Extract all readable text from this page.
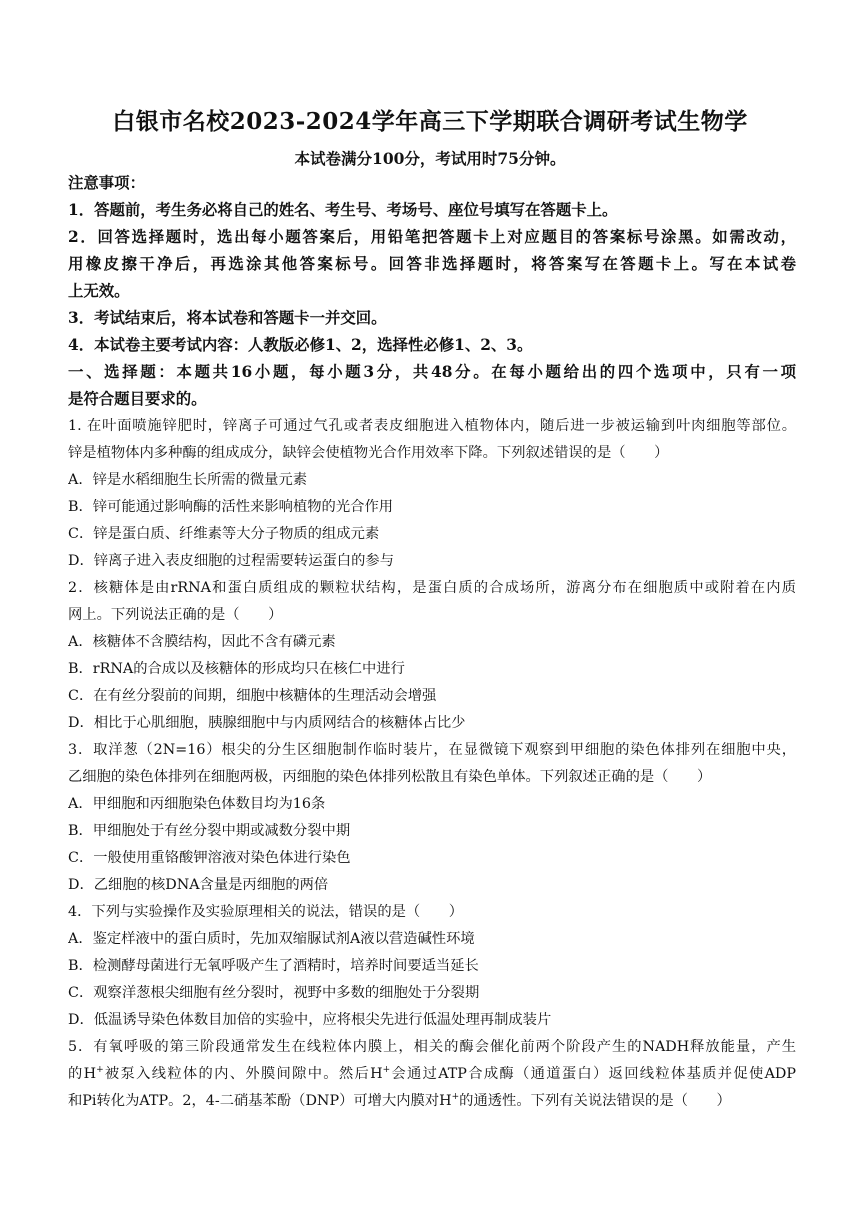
白银市名校2023-2024学年高三下学期联合调研考试生物学
本试卷满分100分，考试用时75分钟。
注意事项：
1．答题前，考生务必将自己的姓名、考生号、考场号、座位号填写在答题卡上。
2．回答选择题时，选出每小题答案后，用铅笔把答题卡上对应题目的答案标号涂黑。如需改动，
用橡皮擦干净后，再选涂其他答案标号。回答非选择题时，将答案写在答题卡上。写在本试卷
上无效。
3．考试结束后，将本试卷和答题卡一并交回。
4．本试卷主要考试内容：人教版必修1、2，选择性必修1、2、3。
一、选择题：本题共16小题，每小题3分，共48分。在每小题给出的四个选项中，只有一项
是符合题目要求的。
1. 在叶面喷施锌肥时，锌离子可通过气孔或者表皮细胞进入植物体内，随后进一步被运输到叶肉细胞等部位。
锌是植物体内多种酶的组成成分，缺锌会使植物光合作用效率下降。下列叙述错误的是（　　）
A．锌是水稻细胞生长所需的微量元素
B．锌可能通过影响酶的活性来影响植物的光合作用
C．锌是蛋白质、纤维素等大分子物质的组成元素
D．锌离子进入表皮细胞的过程需要转运蛋白的参与
2．核糖体是由rRNA和蛋白质组成的颗粒状结构，是蛋白质的合成场所，游离分布在细胞质中或附着在内质
网上。下列说法正确的是（　　）
A．核糖体不含膜结构，因此不含有磷元素
B．rRNA的合成以及核糖体的形成均只在核仁中进行
C．在有丝分裂前的间期，细胞中核糖体的生理活动会增强
D．相比于心肌细胞，胰腺细胞中与内质网结合的核糖体占比少
3．取洋葱（2N=16）根尖的分生区细胞制作临时装片，在显微镜下观察到甲细胞的染色体排列在细胞中央，
乙细胞的染色体排列在细胞两极，丙细胞的染色体排列松散且有染色单体。下列叙述正确的是（　　）
A．甲细胞和丙细胞染色体数目均为16条
B．甲细胞处于有丝分裂中期或减数分裂中期
C．一般使用重铬酸钾溶液对染色体进行染色
D．乙细胞的核DNA含量是丙细胞的两倍
4．下列与实验操作及实验原理相关的说法，错误的是（　　）
A．鉴定样液中的蛋白质时，先加双缩脲试剂A液以营造碱性环境
B．检测酵母菌进行无氧呼吸产生了酒精时，培养时间要适当延长
C．观察洋葱根尖细胞有丝分裂时，视野中多数的细胞处于分裂期
D．低温诱导染色体数目加倍的实验中，应将根尖先进行低温处理再制成装片
5．有氧呼吸的第三阶段通常发生在线粒体内膜上，相关的酶会催化前两个阶段产生的NADH释放能量，产生
的H+被泵入线粒体的内、外膜间隙中。然后H+会通过ATP合成酶（通道蛋白）返回线粒体基质并促使ADP
和Pi转化为ATP。2，4-二硝基苯酚（DNP）可增大内膜对H+的通透性。下列有关说法错误的是（　　）
